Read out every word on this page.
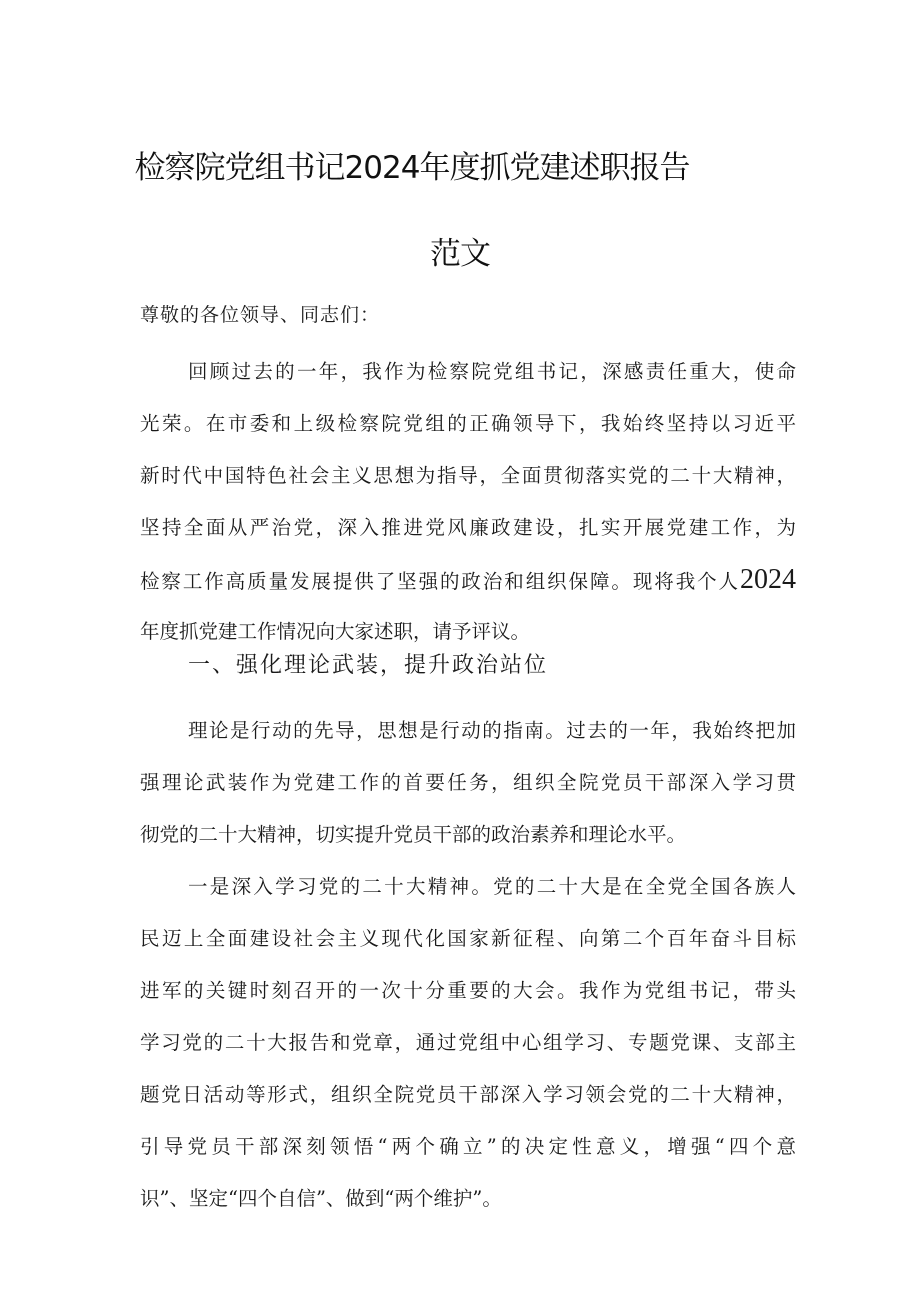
检察院党组书记2024年度抓党建述职报告
范文
尊敬的各位领导、同志们：
回顾过去的一年，我作为检察院党组书记，深感责任重大，使命
光荣。在市委和上级检察院党组的正确领导下，我始终坚持以习近平
新时代中国特色社会主义思想为指导，全面贯彻落实党的二十大精神，
坚持全面从严治党，深入推进党风廉政建设，扎实开展党建工作，为
检察工作高质量发展提供了坚强的政治和组织保障。现将我个人2024
年度抓党建工作情况向大家述职，请予评议。
一、强化理论武装，提升政治站位
理论是行动的先导，思想是行动的指南。过去的一年，我始终把加
强理论武装作为党建工作的首要任务，组织全院党员干部深入学习贯
彻党的二十大精神，切实提升党员干部的政治素养和理论水平。
一是深入学习党的二十大精神。党的二十大是在全党全国各族人
民迈上全面建设社会主义现代化国家新征程、向第二个百年奋斗目标
进军的关键时刻召开的一次十分重要的大会。我作为党组书记，带头
学习党的二十大报告和党章，通过党组中心组学习、专题党课、支部主
题党日活动等形式，组织全院党员干部深入学习领会党的二十大精神，
引导党员干部深刻领悟“两个确立”的决定性意义，增强“四个意
识”、坚定“四个自信”、做到“两个维护”。
